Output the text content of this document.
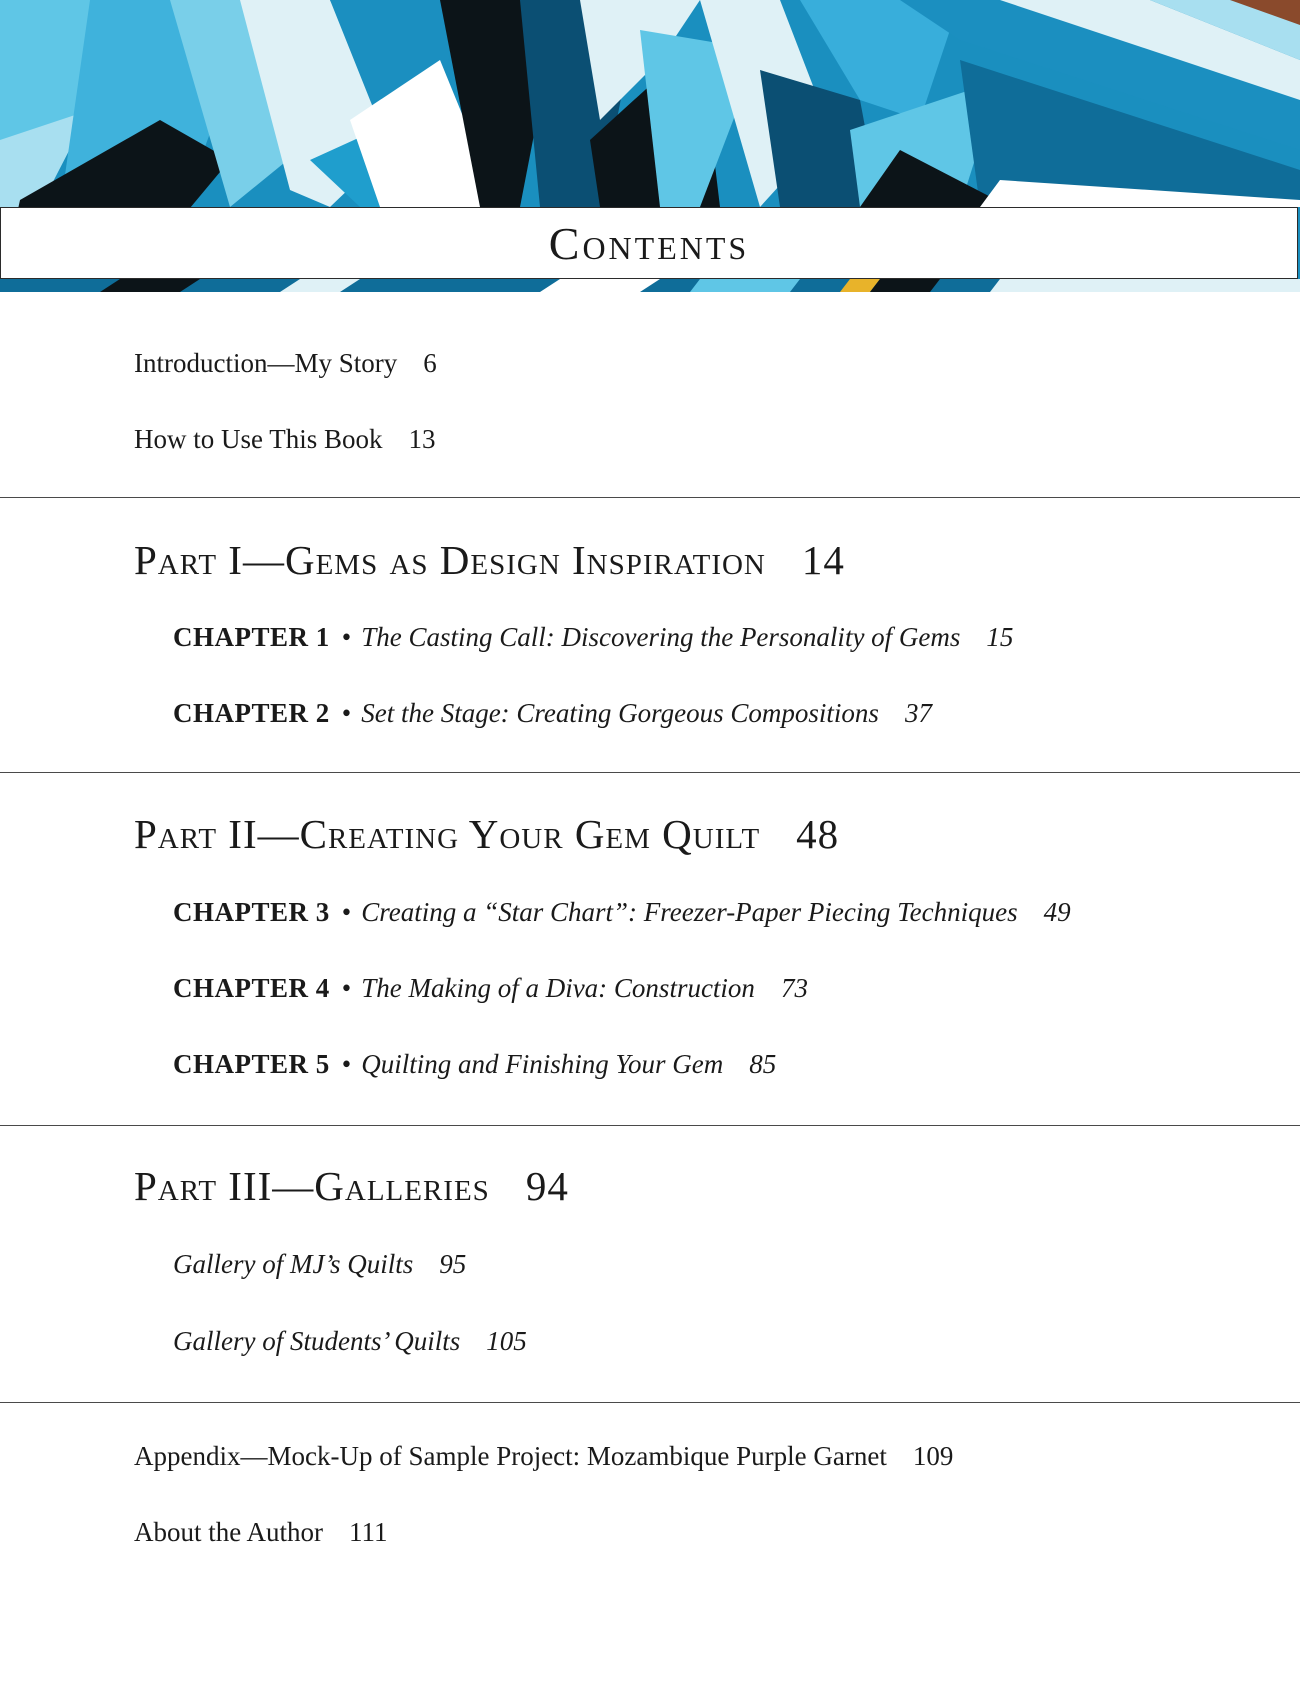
Contents
Introduction—My Story 6
How to Use This Book 13
Part I—Gems as Design Inspiration 14
CHAPTER 1 • The Casting Call: Discovering the Personality of Gems 15
CHAPTER 2 • Set the Stage: Creating Gorgeous Compositions 37
Part II—Creating Your Gem Quilt 48
CHAPTER 3 • Creating a “Star Chart”: Freezer-Paper Piecing Techniques 49
CHAPTER 4 • The Making of a Diva: Construction 73
CHAPTER 5 • Quilting and Finishing Your Gem 85
Part III—Galleries 94
Gallery of MJ’s Quilts 95
Gallery of Students’ Quilts 105
Appendix—Mock-Up of Sample Project: Mozambique Purple Garnet 109
About the Author 111
